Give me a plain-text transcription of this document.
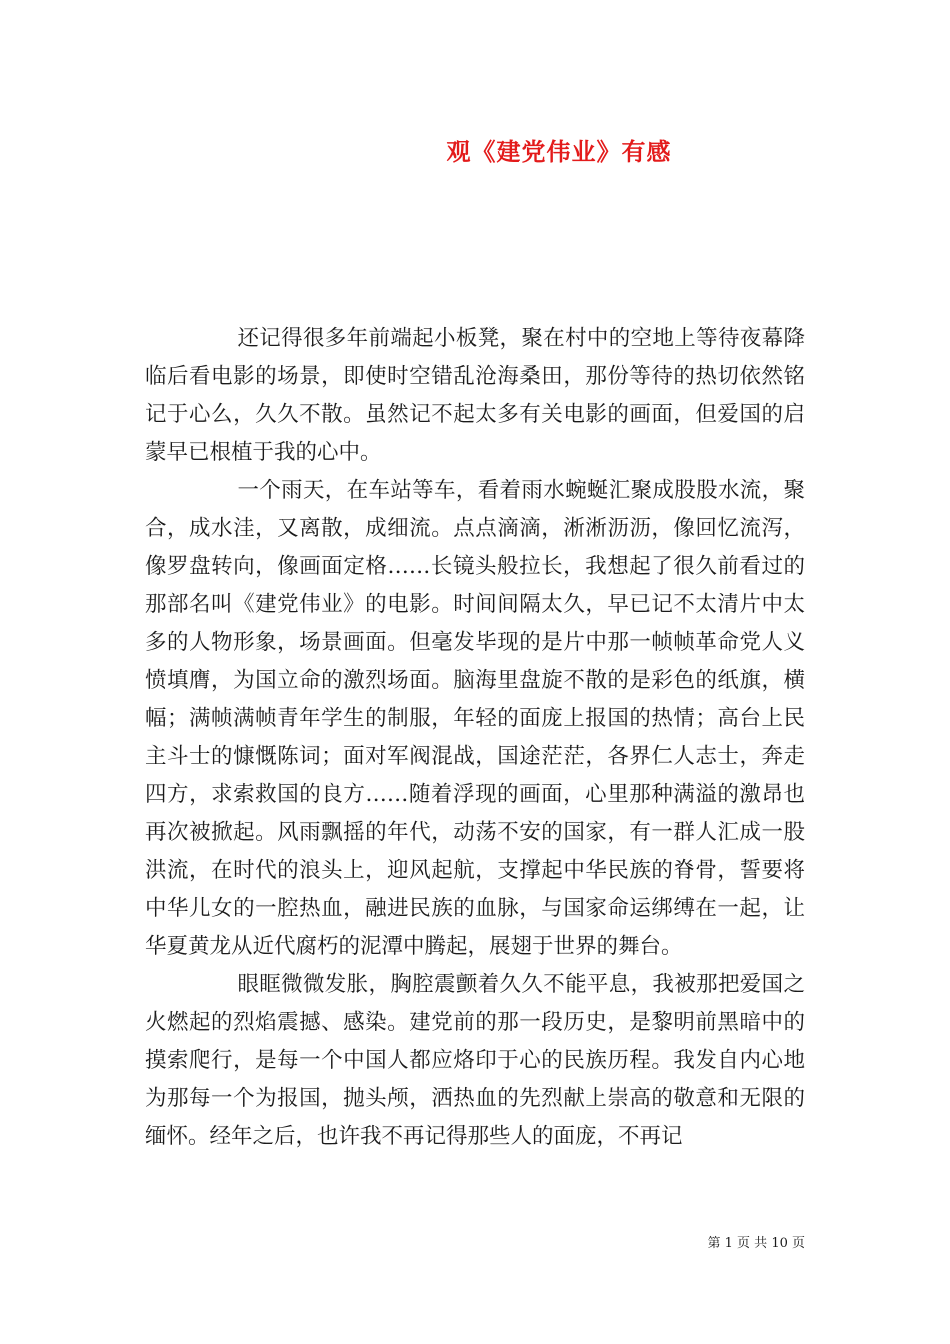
观《建党伟业》有感

还记得很多年前端起小板凳，聚在村中的空地上等待夜幕降临后看电影的场景，即使时空错乱沧海桑田，那份等待的热切依然铭记于心么，久久不散。虽然记不起太多有关电影的画面，但爱国的启蒙早已根植于我的心中。

一个雨天，在车站等车，看着雨水蜿蜒汇聚成股股水流，聚合，成水洼，又离散，成细流。点点滴滴，淅淅沥沥，像回忆流泻，像罗盘转向，像画面定格……长镜头般拉长，我想起了很久前看过的那部名叫《建党伟业》的电影。时间间隔太久，早已记不太清片中太多的人物形象，场景画面。但毫发毕现的是片中那一帧帧革命党人义愤填膺，为国立命的激烈场面。脑海里盘旋不散的是彩色的纸旗，横幅；满帧满帧青年学生的制服，年轻的面庞上报国的热情；高台上民主斗士的慷慨陈词；面对军阀混战，国途茫茫，各界仁人志士，奔走四方，求索救国的良方……随着浮现的画面，心里那种满溢的激昂也再次被掀起。风雨飘摇的年代，动荡不安的国家，有一群人汇成一股洪流，在时代的浪头上，迎风起航，支撑起中华民族的脊骨，誓要将中华儿女的一腔热血，融进民族的血脉，与国家命运绑缚在一起，让华夏黄龙从近代腐朽的泥潭中腾起，展翅于世界的舞台。

眼眶微微发胀，胸腔震颤着久久不能平息，我被那把爱国之火燃起的烈焰震撼、感染。建党前的那一段历史，是黎明前黑暗中的摸索爬行，是每一个中国人都应烙印于心的民族历程。我发自内心地为那每一个为报国，抛头颅，洒热血的先烈献上崇高的敬意和无限的缅怀。经年之后，也许我不再记得那些人的面庞，不再记

第 1 页 共 10 页
